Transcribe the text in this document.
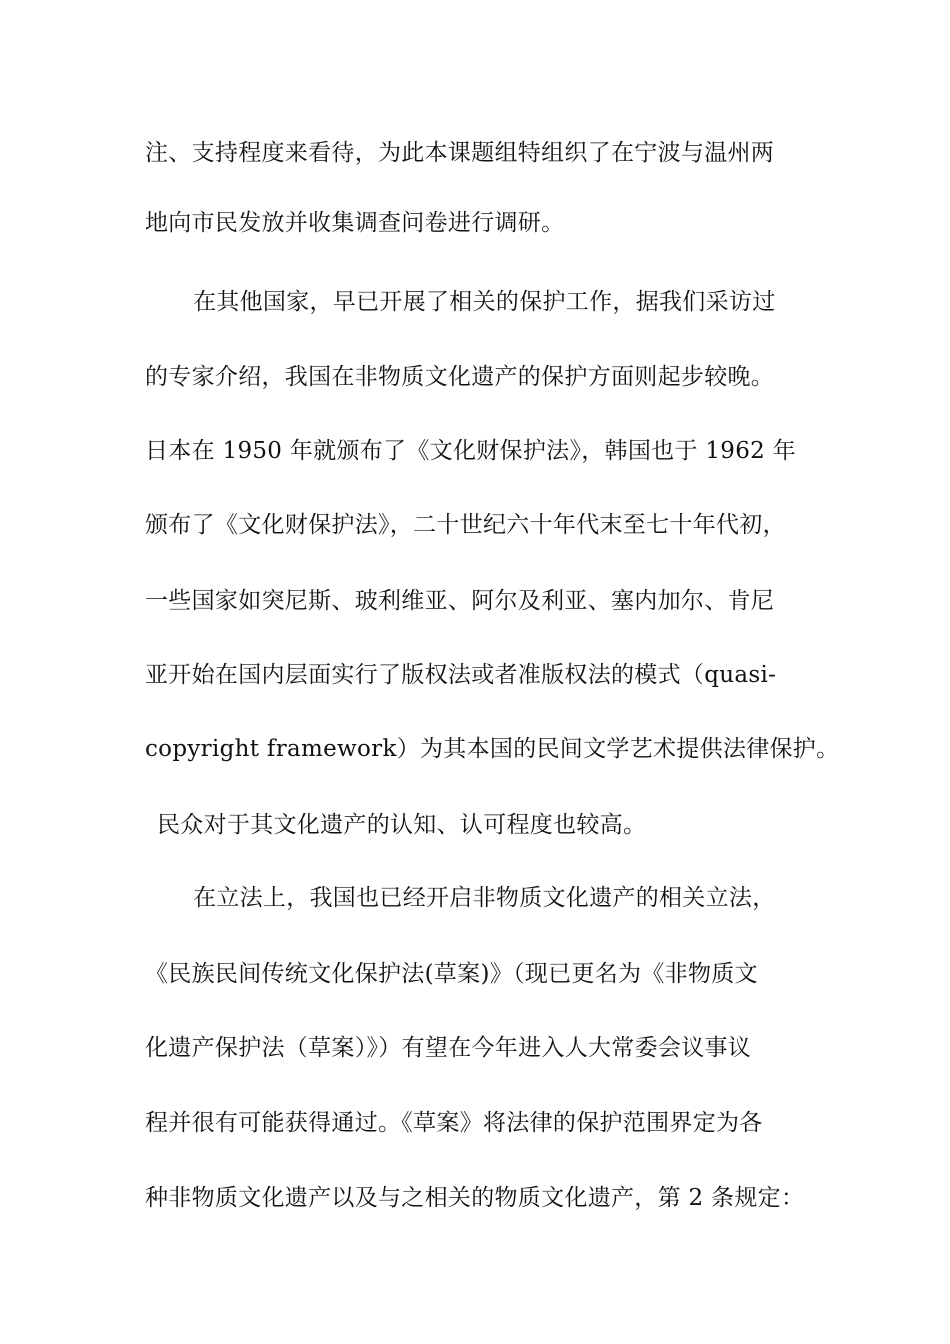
注、支持程度来看待，为此本课题组特组织了在宁波与温州两
地向市民发放并收集调查问卷进行调研。
在其他国家，早已开展了相关的保护工作，据我们采访过
的专家介绍，我国在非物质文化遗产的保护方面则起步较晚。
日本在 1950 年就颁布了《文化财保护法》，韩国也于 1962 年
颁布了《文化财保护法》，二十世纪六十年代末至七十年代初，
一些国家如突尼斯、玻利维亚、阿尔及利亚、塞内加尔、肯尼
亚开始在国内层面实行了版权法或者准版权法的模式（quasi-
copyright framework）为其本国的民间文学艺术提供法律保护。
民众对于其文化遗产的认知、认可程度也较高。
在立法上，我国也已经开启非物质文化遗产的相关立法，
《民族民间传统文化保护法(草案)》（现已更名为《非物质文
化遗产保护法（草案）》）有望在今年进入人大常委会议事议
程并很有可能获得通过。《草案》将法律的保护范围界定为各
种非物质文化遗产以及与之相关的物质文化遗产，第 2 条规定：
